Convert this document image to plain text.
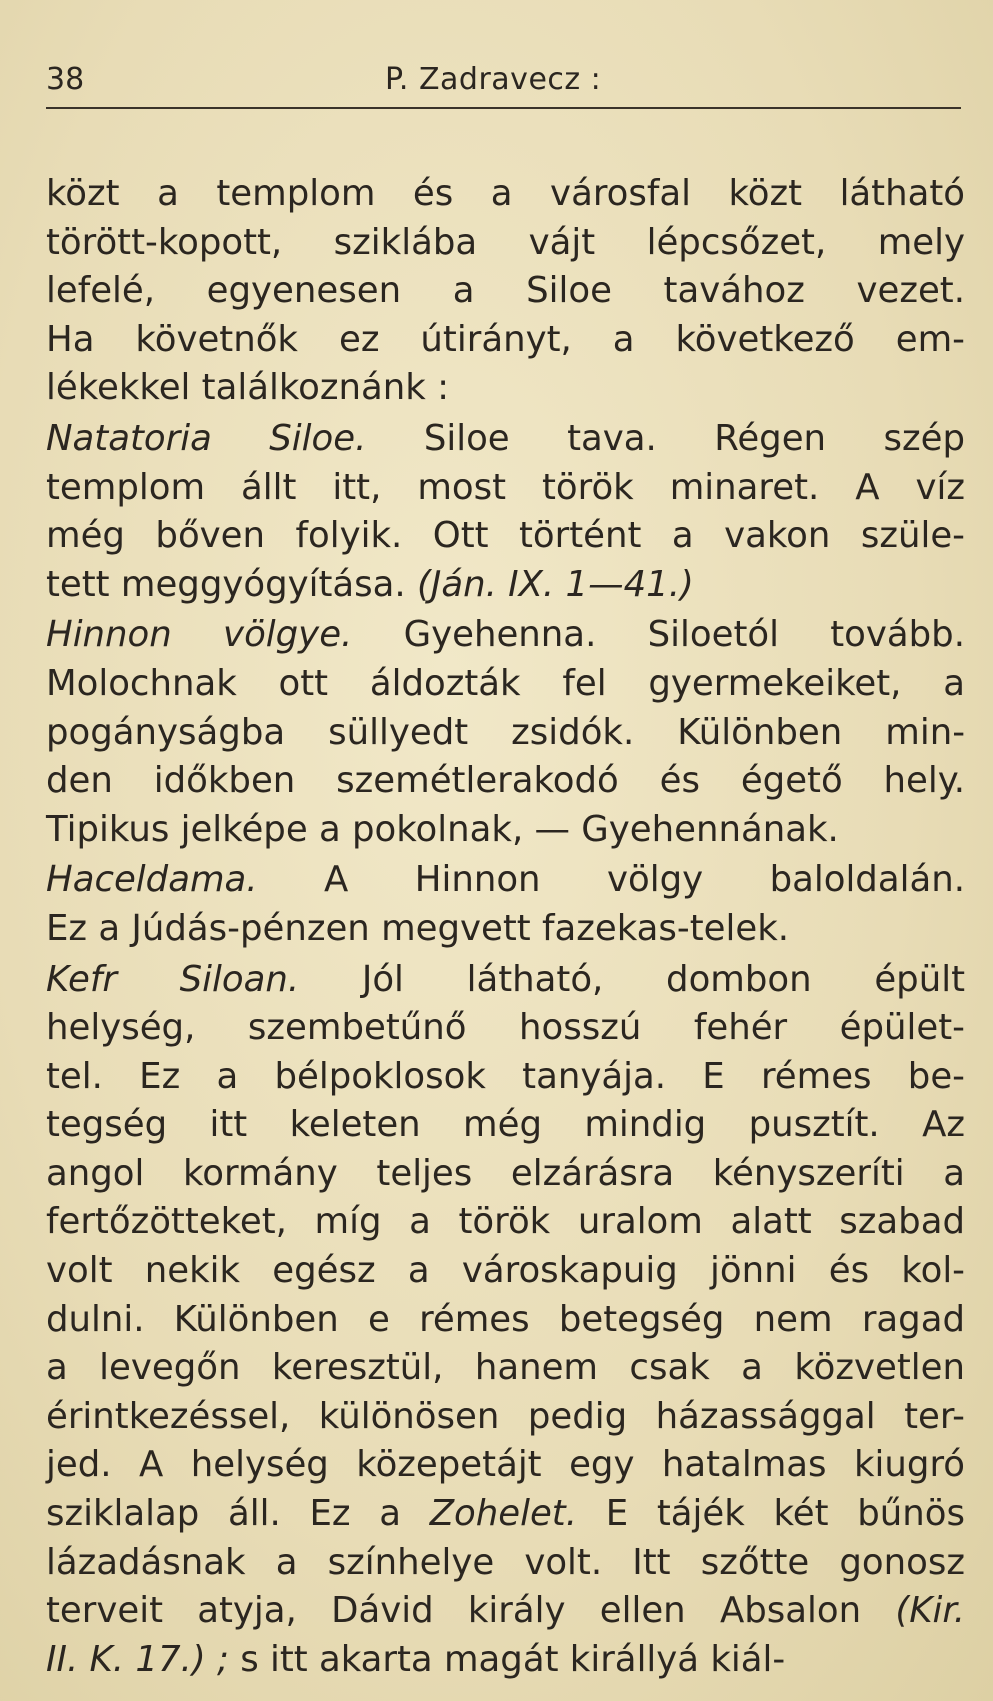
38	P. Zadravecz :
közt a templom és a városfal közt látható
törött-kopott, sziklába vájt lépcsőzet, mely
lefelé, egyenesen a Siloe tavához vezet.
Ha követnők ez útirányt, a következő em-
lékekkel találkoznánk :
Natatoria Siloe. Siloe tava. Régen szép
templom állt itt, most török minaret. A víz
még bőven folyik. Ott történt a vakon szüle-
tett meggyógyítása. (Ján. IX. 1—41.)
Hinnon völgye. Gyehenna. Siloetól tovább.
Molochnak ott áldozták fel gyermekeiket, a
pogányságba süllyedt zsidók. Különben min-
den időkben szemétlerakodó és égető hely.
Tipikus jelképe a pokolnak, — Gyehennának.
Haceldama. A Hinnon völgy baloldalán.
Ez a Júdás-pénzen megvett fazekas-telek.
Kefr Siloan. Jól látható, dombon épült
helység, szembetűnő hosszú fehér épület-
tel. Ez a bélpoklosok tanyája. E rémes be-
tegség itt keleten még mindig pusztít. Az
angol kormány teljes elzárásra kényszeríti a
fertőzötteket, míg a török uralom alatt szabad
volt nekik egész a városkapuig jönni és kol-
dulni. Különben e rémes betegség nem ragad
a levegőn keresztül, hanem csak a közvetlen
érintkezéssel, különösen pedig házassággal ter-
jed. A helység közepetájt egy hatalmas kiugró
sziklalap áll. Ez a Zohelet. E tájék két bűnös
lázadásnak a színhelye volt. Itt szőtte gonosz
terveit atyja, Dávid király ellen Absalon (Kir.
II. K. 17.) ; s itt akarta magát királlyá kiál-
